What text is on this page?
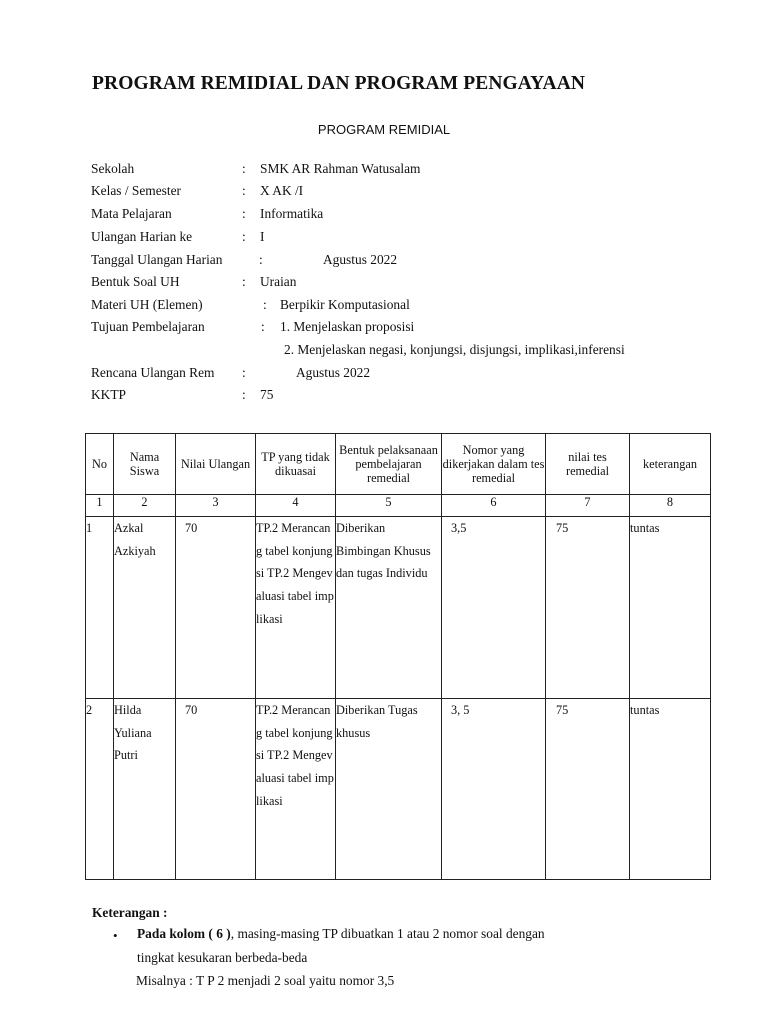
PROGRAM REMIDIAL DAN PROGRAM PENGAYAAN
PROGRAM REMIDIAL
Sekolah	: SMK AR Rahman Watusalam
Kelas / Semester	: X AK /I
Mata Pelajaran	: Informatika
Ulangan Harian ke	: I
Tanggal Ulangan Harian	:	Agustus 2022
Bentuk Soal UH	: Uraian
Materi UH (Elemen)	: Berpikir Komputasional
Tujuan Pembelajaran	: 1. Menjelaskan proposisi
2. Menjelaskan negasi, konjungsi, disjungsi, implikasi,inferensi
Rencana Ulangan Rem :	Agustus 2022
KKTP	: 75
No	Nama Siswa	Nilai Ulangan	TP yang tidak dikuasai	Bentuk pelaksanaan pembelajaran remedial	Nomor yang dikerjakan dalam tes remedial	nilai tes remedial	keterangan
1	2	3	4	5	6	7	8
1	Azkal Azkiyah	70	TP.2 Merancang tabel konjungsi TP.2 Mengevaluasi tabel implikasi	Diberikan Bimbingan Khusus dan tugas Individu	3,5	75	tuntas
2	Hilda Yuliana Putri	70	TP.2 Merancang tabel konjungsi TP.2 Mengevaluasi tabel implikasi	Diberikan Tugas khusus	3, 5	75	tuntas
Keterangan :
• Pada kolom ( 6 ), masing-masing TP dibuatkan 1 atau 2 nomor soal dengan
tingkat kesukaran berbeda-beda
Misalnya : T P 2 menjadi 2 soal yaitu nomor 3,5
